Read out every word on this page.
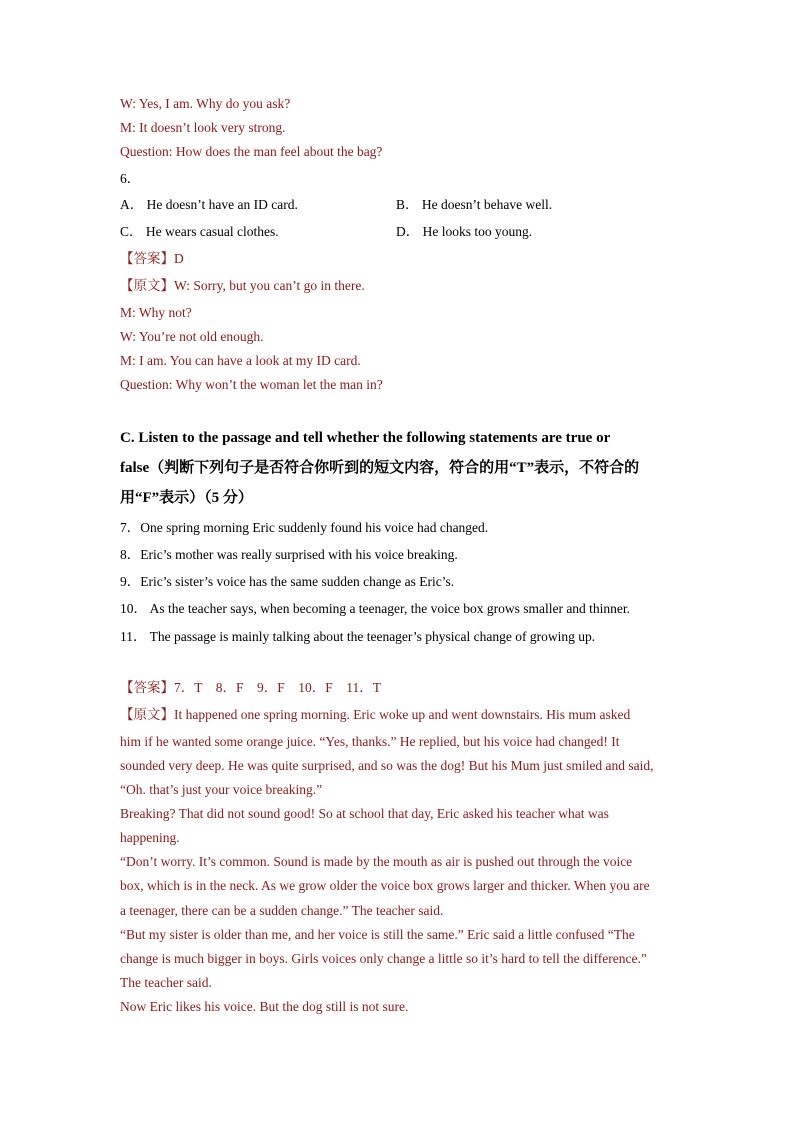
W: Yes, I am. Why do you ask?
M: It doesn’t look very strong.
Question: How does the man feel about the bag?
6．
A． He doesn’t have an ID card.	B． He doesn’t behave well.
C． He wears casual clothes.	D． He looks too young.
【答案】D
【原文】W: Sorry, but you can’t go in there.
M: Why not?
W: You’re not old enough.
M: I am. You can have a look at my ID card.
Question: Why won’t the woman let the man in?
C. Listen to the passage and tell whether the following statements are true or
false（判断下列句子是否符合你听到的短文内容，符合的用“T”表示，不符合的
用“F”表示）（5 分）
7．One spring morning Eric suddenly found his voice had changed.
8．Eric’s mother was really surprised with his voice breaking.
9．Eric’s sister’s voice has the same sudden change as Eric’s.
10． As the teacher says, when becoming a teenager, the voice box grows smaller and thinner.
11． The passage is mainly talking about the teenager’s physical change of growing up.
【答案】7．T    8．F    9．F    10．F    11．T
【原文】It happened one spring morning. Eric woke up and went downstairs. His mum asked
him if he wanted some orange juice. “Yes, thanks.” He replied, but his voice had changed! It
sounded very deep. He was quite surprised, and so was the dog! But his Mum just smiled and said,
“Oh. that’s just your voice breaking.”
Breaking? That did not sound good! So at school that day, Eric asked his teacher what was
happening.
“Don’t worry. It’s common. Sound is made by the mouth as air is pushed out through the voice
box, which is in the neck. As we grow older the voice box grows larger and thicker. When you are
a teenager, there can be a sudden change.” The teacher said.
“But my sister is older than me, and her voice is still the same.” Eric said a little confused “The
change is much bigger in boys. Girls voices only change a little so it’s hard to tell the difference.”
The teacher said.
Now Eric likes his voice. But the dog still is not sure.
